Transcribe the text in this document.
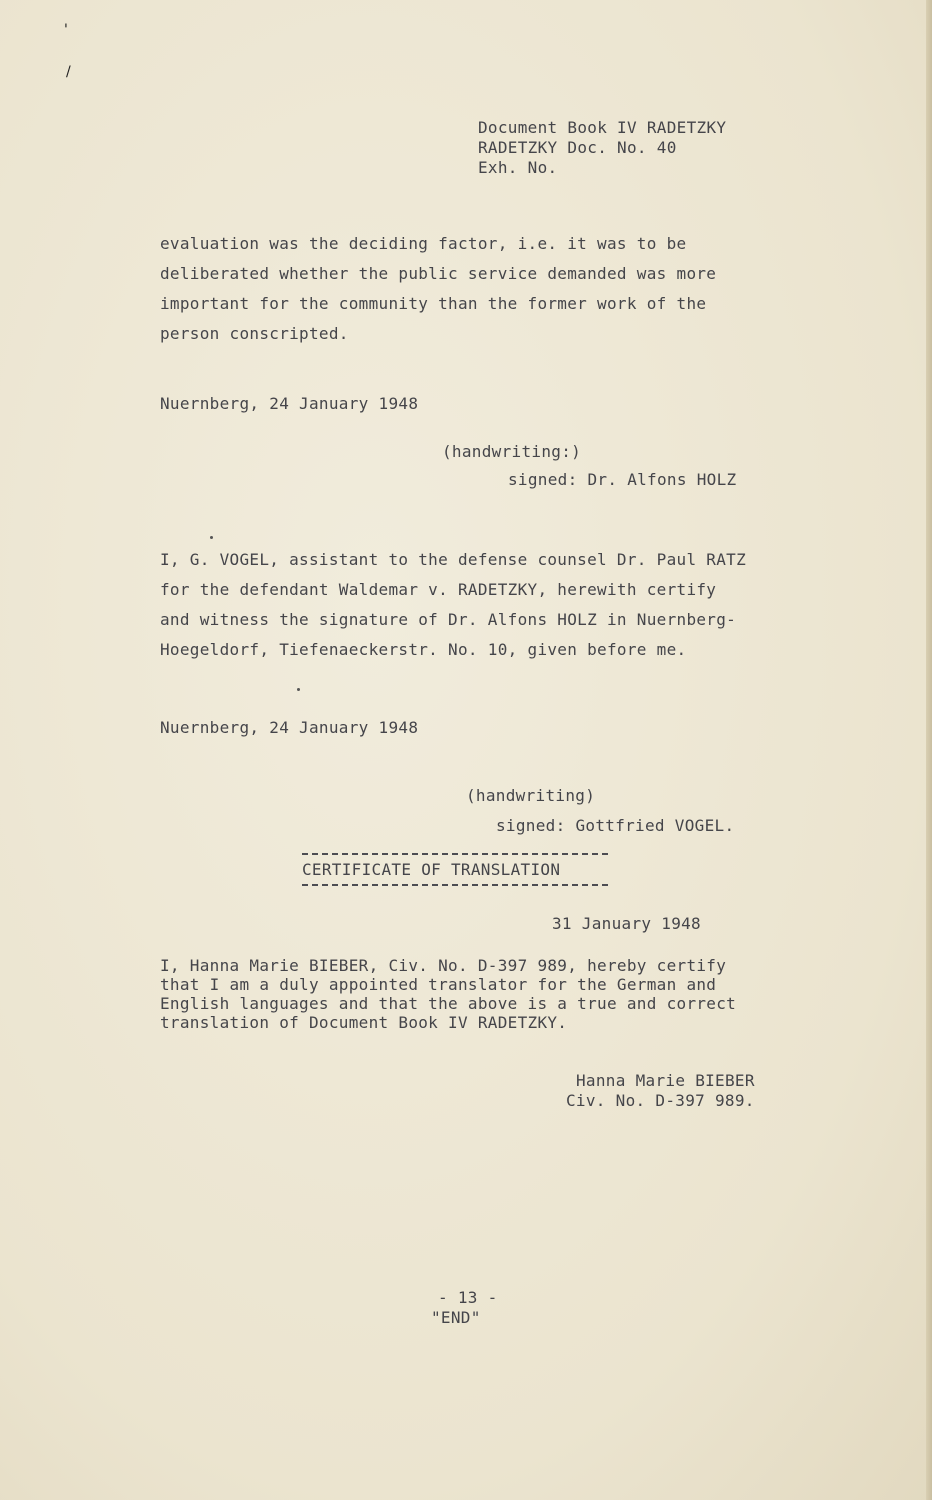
'
/
Document Book IV RADETZKY
RADETZKY Doc. No. 40
Exh. No.
evaluation was the deciding factor, i.e. it was to be
deliberated whether the public service demanded was more
important for the community than the former work of the
person conscripted.
Nuernberg, 24 January 1948
(handwriting:)
signed: Dr. Alfons HOLZ
I, G. VOGEL, assistant to the defense counsel Dr. Paul RATZ
for the defendant Waldemar v. RADETZKY, herewith certify
and witness the signature of Dr. Alfons HOLZ in Nuernberg-
Hoegeldorf, Tiefenaeckerstr. No. 10, given before me.
Nuernberg, 24 January 1948
(handwriting)
signed: Gottfried VOGEL.
CERTIFICATE OF TRANSLATION
31 January 1948
I, Hanna Marie BIEBER, Civ. No. D-397 989, hereby certify
that I am a duly appointed translator for the German and
English languages and that the above is a true and correct
translation of Document Book IV RADETZKY.
Hanna Marie BIEBER
Civ. No. D-397 989.
- 13 -
"END"
